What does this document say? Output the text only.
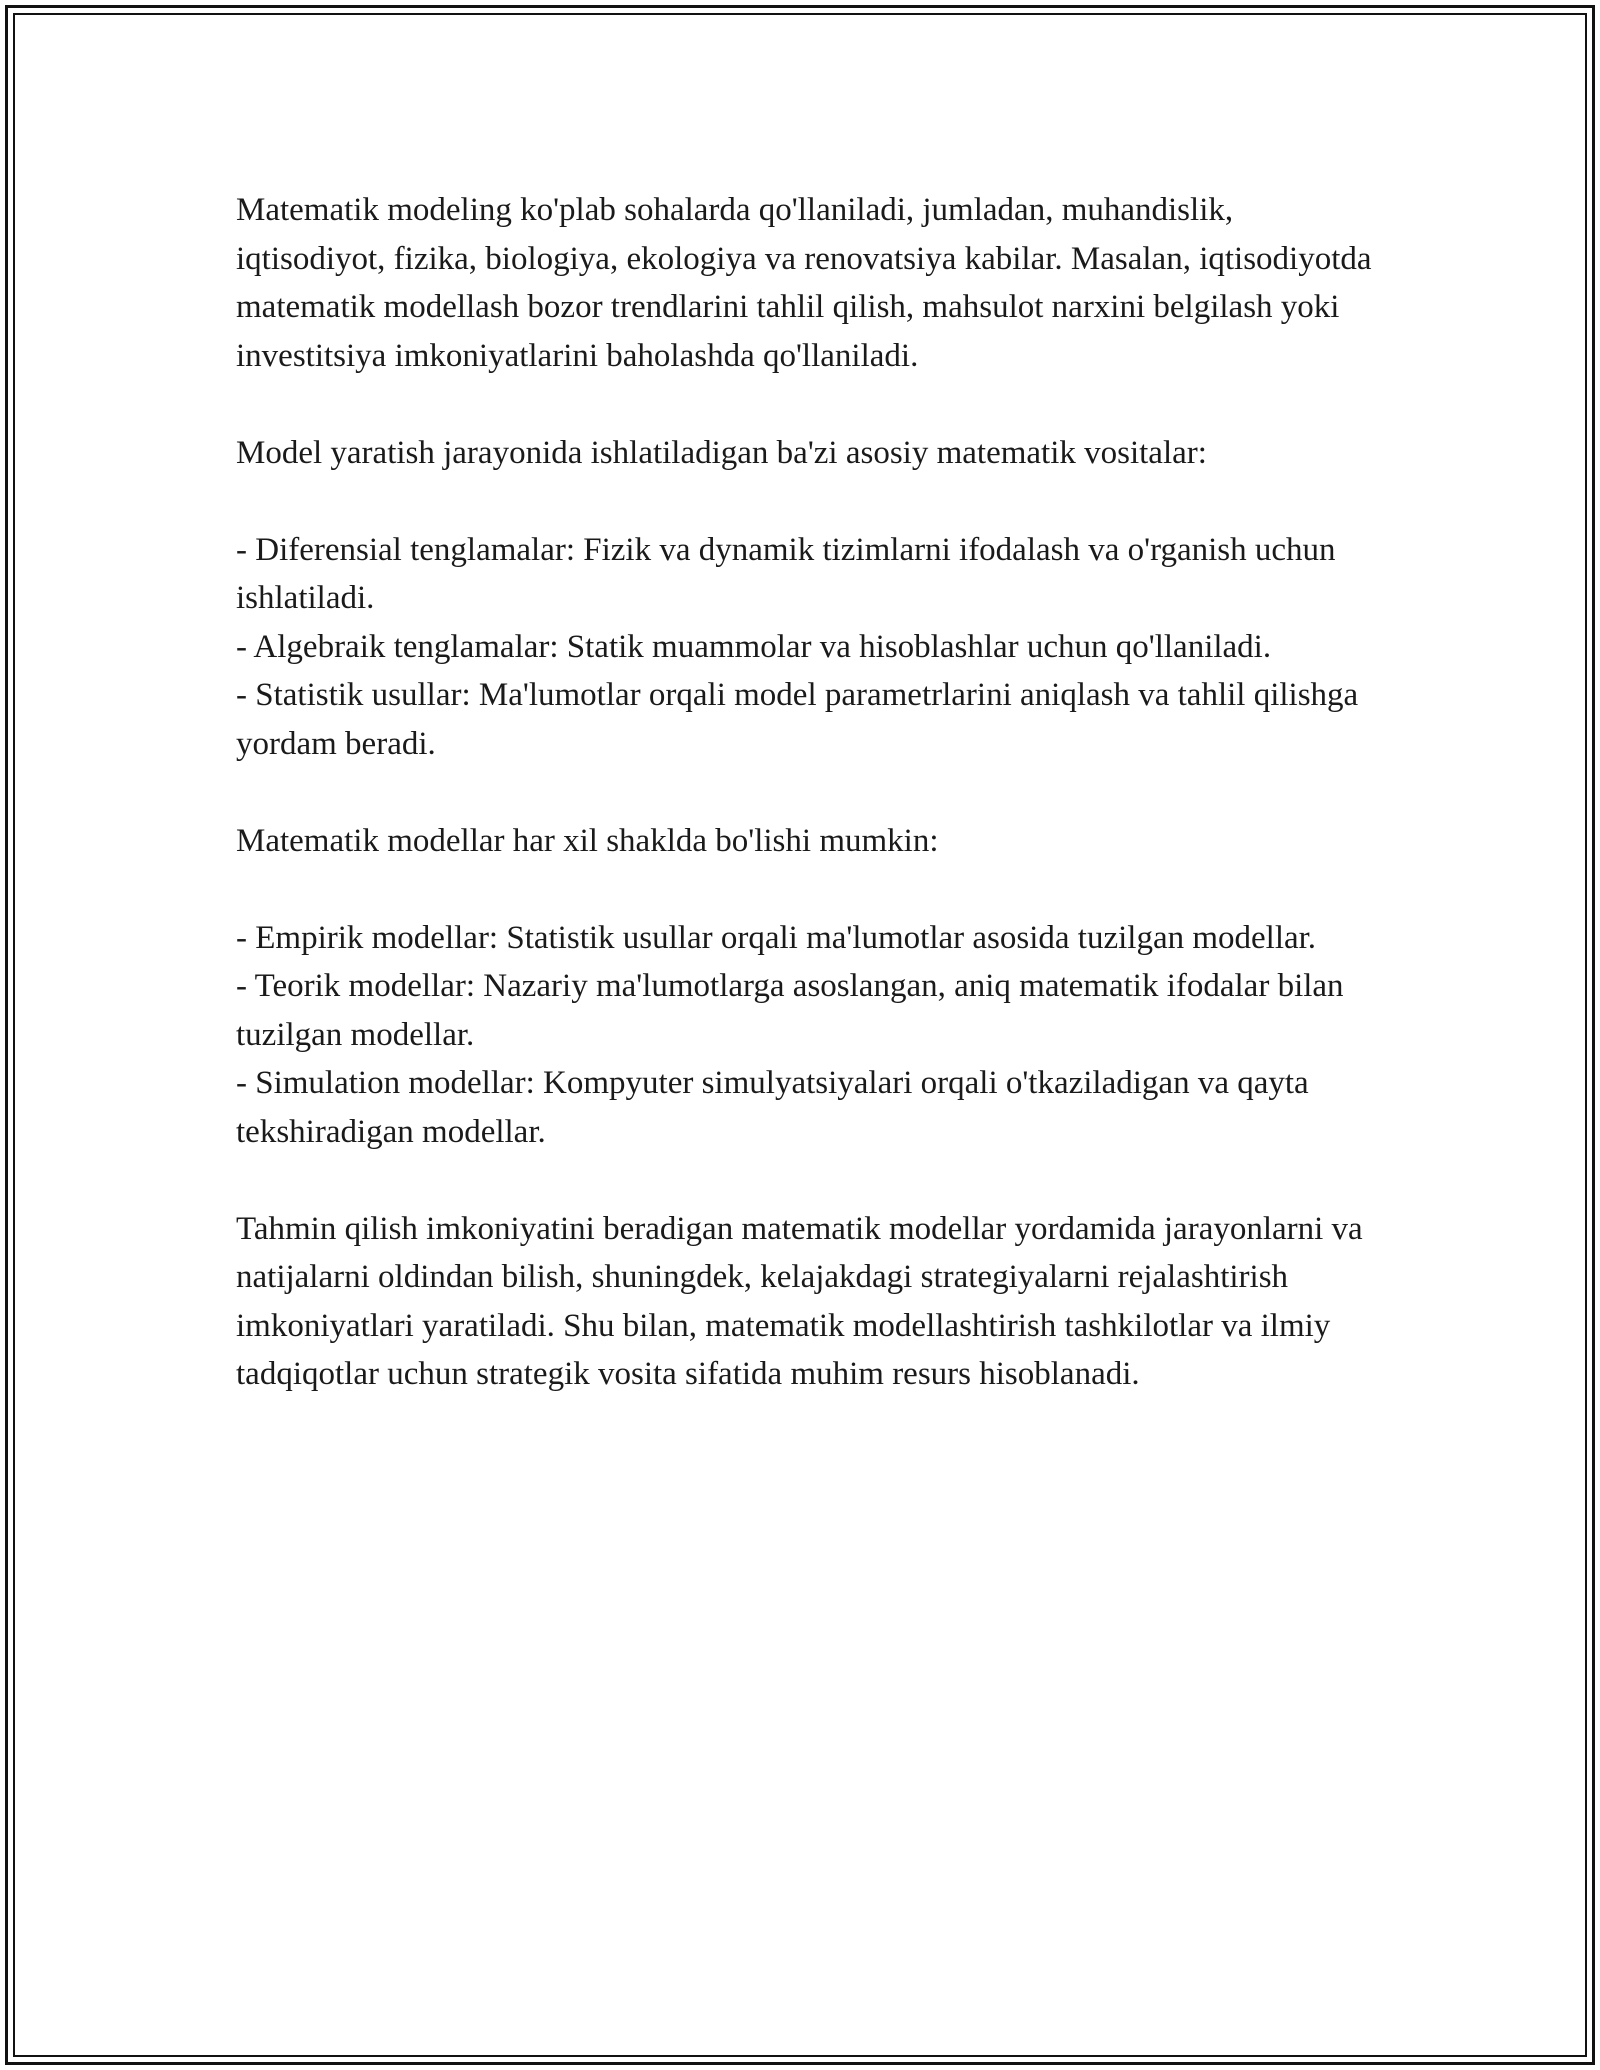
Matematik modeling ko'plab sohalarda qo'llaniladi, jumladan, muhandislik, iqtisodiyot, fizika, biologiya, ekologiya va renovatsiya kabilar. Masalan, iqtisodiyotda matematik modellash bozor trendlarini tahlil qilish, mahsulot narxini belgilash yoki investitsiya imkoniyatlarini baholashda qo'llaniladi.

Model yaratish jarayonida ishlatiladigan ba'zi asosiy matematik vositalar:

- Diferensial tenglamalar: Fizik va dynamik tizimlarni ifodalash va o'rganish uchun ishlatiladi.
- Algebraik tenglamalar: Statik muammolar va hisoblashlar uchun qo'llaniladi.
- Statistik usullar: Ma'lumotlar orqali model parametrlarini aniqlash va tahlil qilishga yordam beradi.

Matematik modellar har xil shaklda bo'lishi mumkin:

- Empirik modellar: Statistik usullar orqali ma'lumotlar asosida tuzilgan modellar.
- Teorik modellar: Nazariy ma'lumotlarga asoslangan, aniq matematik ifodalar bilan tuzilgan modellar.
- Simulation modellar: Kompyuter simulyatsiyalari orqali o'tkaziladigan va qayta tekshiradigan modellar.

Tahmin qilish imkoniyatini beradigan matematik modellar yordamida jarayonlarni va natijalarni oldindan bilish, shuningdek, kelajakdagi strategiyalarni rejalashtirish imkoniyatlari yaratiladi. Shu bilan, matematik modellashtirish tashkilotlar va ilmiy tadqiqotlar uchun strategik vosita sifatida muhim resurs hisoblanadi.
